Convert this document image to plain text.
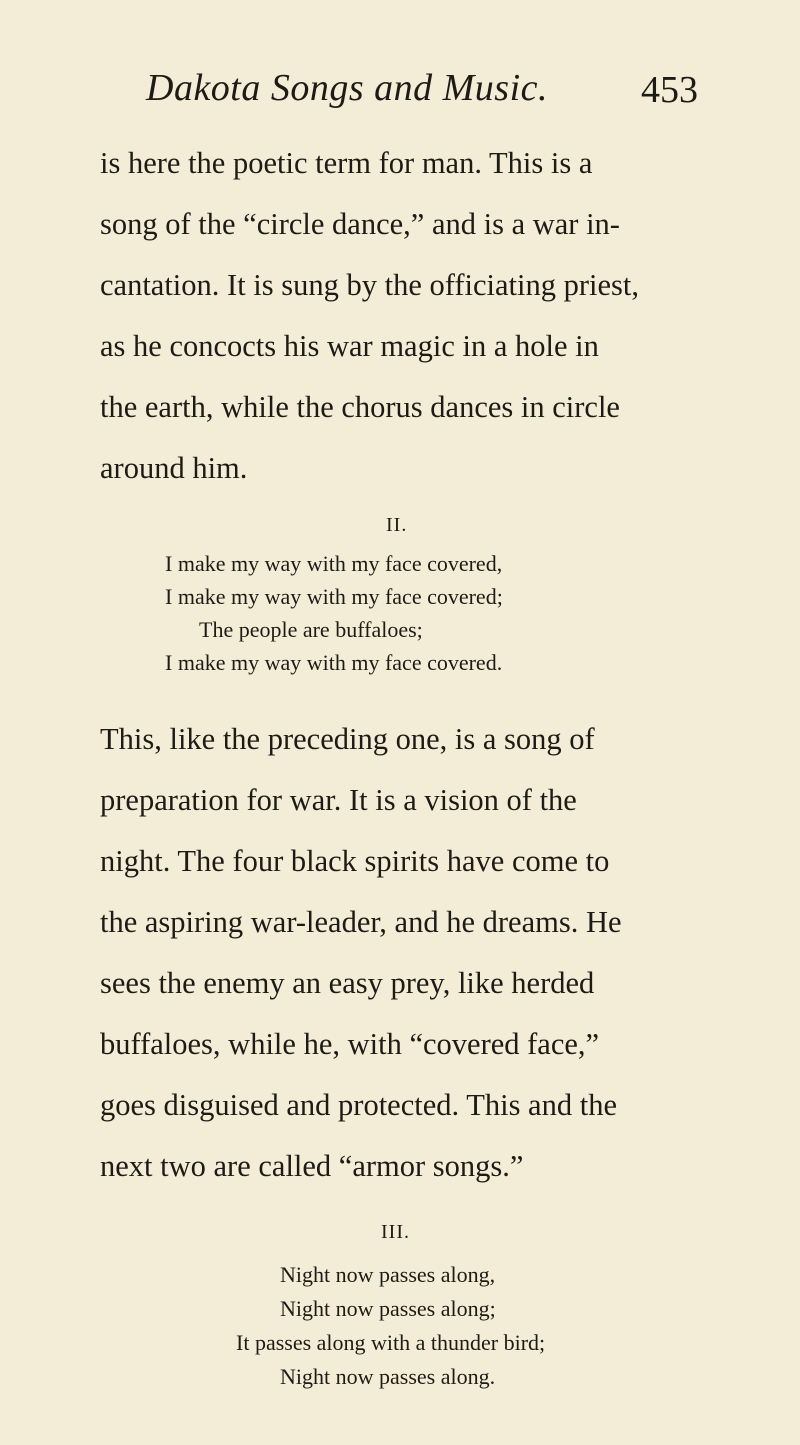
Dakota Songs and Music. 453
is here the poetic term for man. This is a
song of the “circle dance,” and is a war in-
cantation. It is sung by the officiating priest,
as he concocts his war magic in a hole in
the earth, while the chorus dances in circle
around him.
II.
I make my way with my face covered,
I make my way with my face covered;
The people are buffaloes;
I make my way with my face covered.
This, like the preceding one, is a song of
preparation for war. It is a vision of the
night. The four black spirits have come to
the aspiring war-leader, and he dreams. He
sees the enemy an easy prey, like herded
buffaloes, while he, with “covered face,”
goes disguised and protected. This and the
next two are called “armor songs.”
III.
Night now passes along,
Night now passes along;
It passes along with a thunder bird;
Night now passes along.
